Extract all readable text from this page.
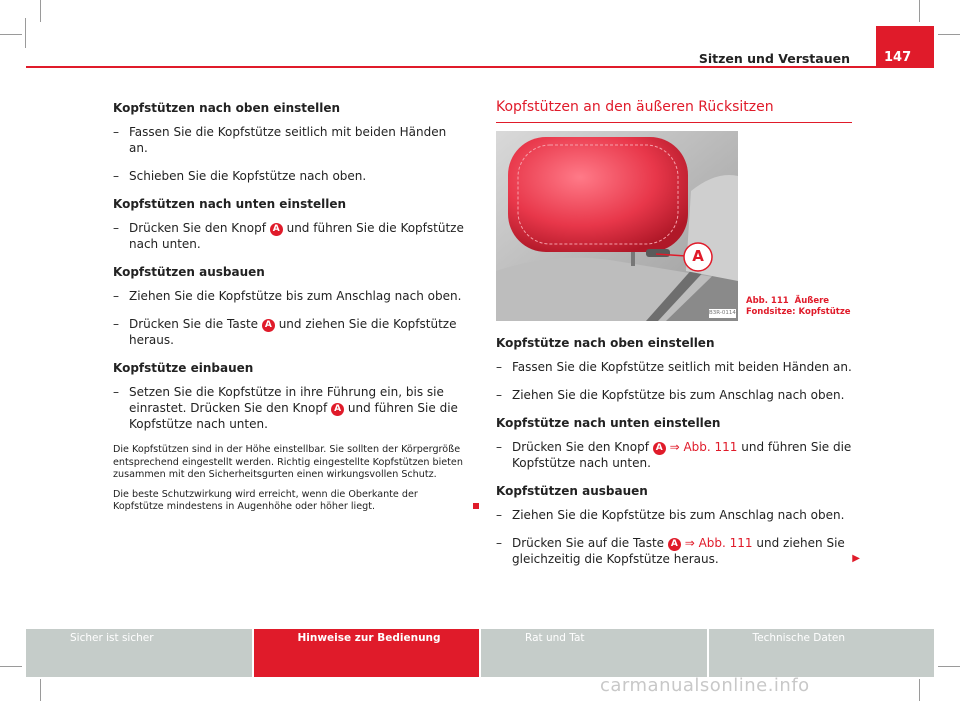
Sitzen und Verstauen	147
Kopfstützen nach oben einstellen
– Fassen Sie die Kopfstütze seitlich mit beiden Händen an.
– Schieben Sie die Kopfstütze nach oben.
Kopfstützen nach unten einstellen
– Drücken Sie den Knopf A und führen Sie die Kopfstütze nach unten.
Kopfstützen ausbauen
– Ziehen Sie die Kopfstütze bis zum Anschlag nach oben.
– Drücken Sie die Taste A und ziehen Sie die Kopfstütze heraus.
Kopfstütze einbauen
– Setzen Sie die Kopfstütze in ihre Führung ein, bis sie einrastet. Drücken Sie den Knopf A und führen Sie die Kopfstütze nach unten.

Die Kopfstützen sind in der Höhe einstellbar. Sie sollten der Körpergröße entsprechend eingestellt werden. Richtig eingestellte Kopfstützen bieten zusammen mit den Sicherheitsgurten einen wirkungsvollen Schutz.

Die beste Schutzwirkung wird erreicht, wenn die Oberkante der Kopfstütze mindestens in Augenhöhe oder höher liegt.

Kopfstützen an den äußeren Rücksitzen
A
B3R-0114
Abb. 111 Äußere Fondsitze: Kopfstütze
Kopfstütze nach oben einstellen
– Fassen Sie die Kopfstütze seitlich mit beiden Händen an.
– Ziehen Sie die Kopfstütze bis zum Anschlag nach oben.
Kopfstütze nach unten einstellen
– Drücken Sie den Knopf A ⇒ Abb. 111 und führen Sie die Kopfstütze nach unten.
Kopfstützen ausbauen
– Ziehen Sie die Kopfstütze bis zum Anschlag nach oben.
– Drücken Sie auf die Taste A ⇒ Abb. 111 und ziehen Sie gleichzeitig die Kopfstütze heraus.	▶
Sicher ist sicher	Hinweise zur Bedienung	Rat und Tat	Technische Daten
carmanualsonline.info
